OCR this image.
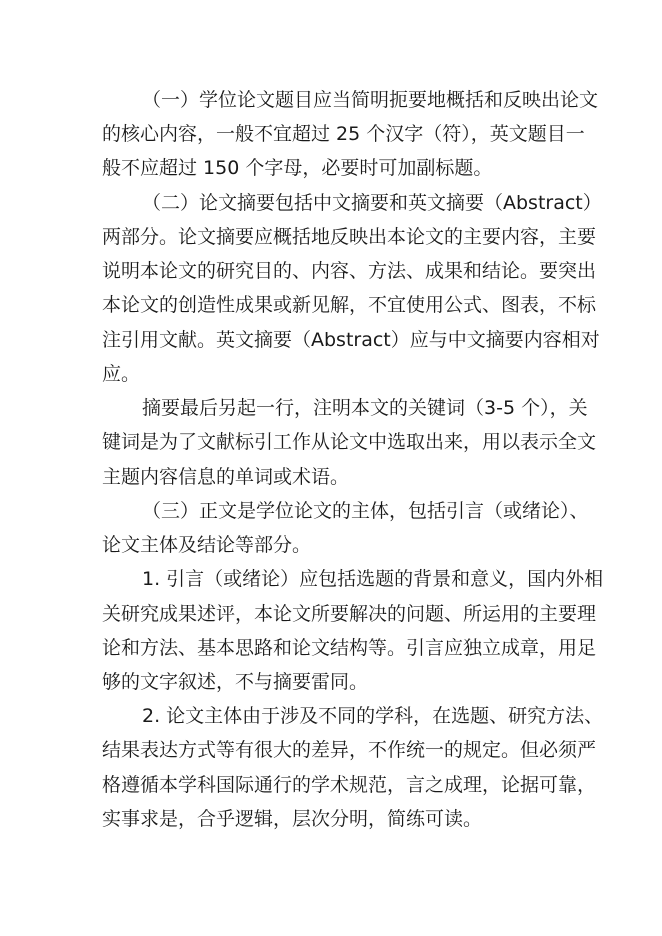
（一）学位论文题目应当简明扼要地概括和反映出论文
的核心内容，一般不宜超过 25 个汉字（符），英文题目一
般不应超过 150 个字母，必要时可加副标题。
（二）论文摘要包括中文摘要和英文摘要（Abstract）
两部分。论文摘要应概括地反映出本论文的主要内容，主要
说明本论文的研究目的、内容、方法、成果和结论。要突出
本论文的创造性成果或新见解，不宜使用公式、图表，不标
注引用文献。英文摘要（Abstract）应与中文摘要内容相对
应。
摘要最后另起一行，注明本文的关键词（3-5 个），关
键词是为了文献标引工作从论文中选取出来，用以表示全文
主题内容信息的单词或术语。
（三）正文是学位论文的主体，包括引言（或绪论）、
论文主体及结论等部分。
1. 引言（或绪论）应包括选题的背景和意义，国内外相
关研究成果述评，本论文所要解决的问题、所运用的主要理
论和方法、基本思路和论文结构等。引言应独立成章，用足
够的文字叙述，不与摘要雷同。
2. 论文主体由于涉及不同的学科，在选题、研究方法、
结果表达方式等有很大的差异，不作统一的规定。但必须严
格遵循本学科国际通行的学术规范，言之成理，论据可靠，
实事求是，合乎逻辑，层次分明，简练可读。
